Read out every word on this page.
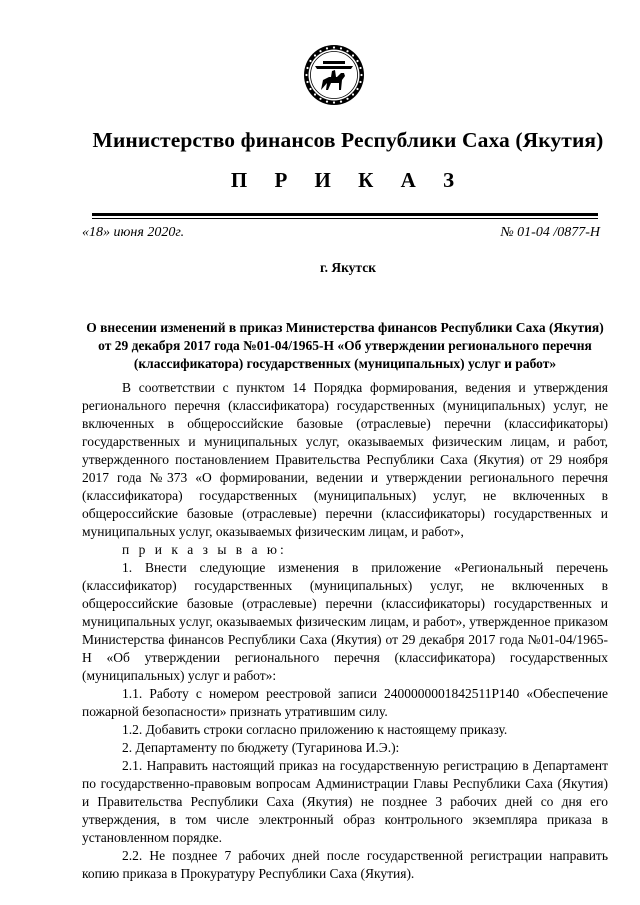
Министерство финансов Республики Саха (Якутия)
П Р И К А З
«18» июня 2020г.	№ 01-04 /0877-Н
г. Якутск
О внесении изменений в приказ Министерства финансов Республики Саха (Якутия)
от 29 декабря 2017 года №01-04/1965-Н «Об утверждении регионального перечня
(классификатора) государственных (муниципальных) услуг и работ»

В соответствии с пунктом 14 Порядка формирования, ведения и утверждения регионального перечня (классификатора) государственных (муниципальных) услуг, не включенных в общероссийские базовые (отраслевые) перечни (классификаторы) государственных и муниципальных услуг, оказываемых физическим лицам, и работ, утвержденного постановлением Правительства Республики Саха (Якутия) от 29 ноября 2017 года №373 «О формировании, ведении и утверждении регионального перечня (классификатора) государственных (муниципальных) услуг, не включенных в общероссийские базовые (отраслевые) перечни (классификаторы) государственных и муниципальных услуг, оказываемых физическим лицам, и работ»,

п р и к а з ы в а ю:

1. Внести следующие изменения в приложение «Региональный перечень (классификатор) государственных (муниципальных) услуг, не включенных в общероссийские базовые (отраслевые) перечни (классификаторы) государственных и муниципальных услуг, оказываемых физическим лицам, и работ», утвержденное приказом Министерства финансов Республики Саха (Якутия) от 29 декабря 2017 года №01-04/1965-Н «Об утверждении регионального перечня (классификатора) государственных (муниципальных) услуг и работ»:

1.1. Работу с номером реестровой записи 2400000001842511Р140 «Обеспечение пожарной безопасности» признать утратившим силу.

1.2. Добавить строки согласно приложению к настоящему приказу.

2. Департаменту по бюджету (Тугаринова И.Э.):

2.1. Направить настоящий приказ на государственную регистрацию в Департамент по государственно-правовым вопросам Администрации Главы Республики Саха (Якутия) и Правительства Республики Саха (Якутия) не позднее 3 рабочих дней со дня его утверждения, в том числе электронный образ контрольного экземпляра приказа в установленном порядке.

2.2. Не позднее 7 рабочих дней после государственной регистрации направить копию приказа в Прокуратуру Республики Саха (Якутия).
